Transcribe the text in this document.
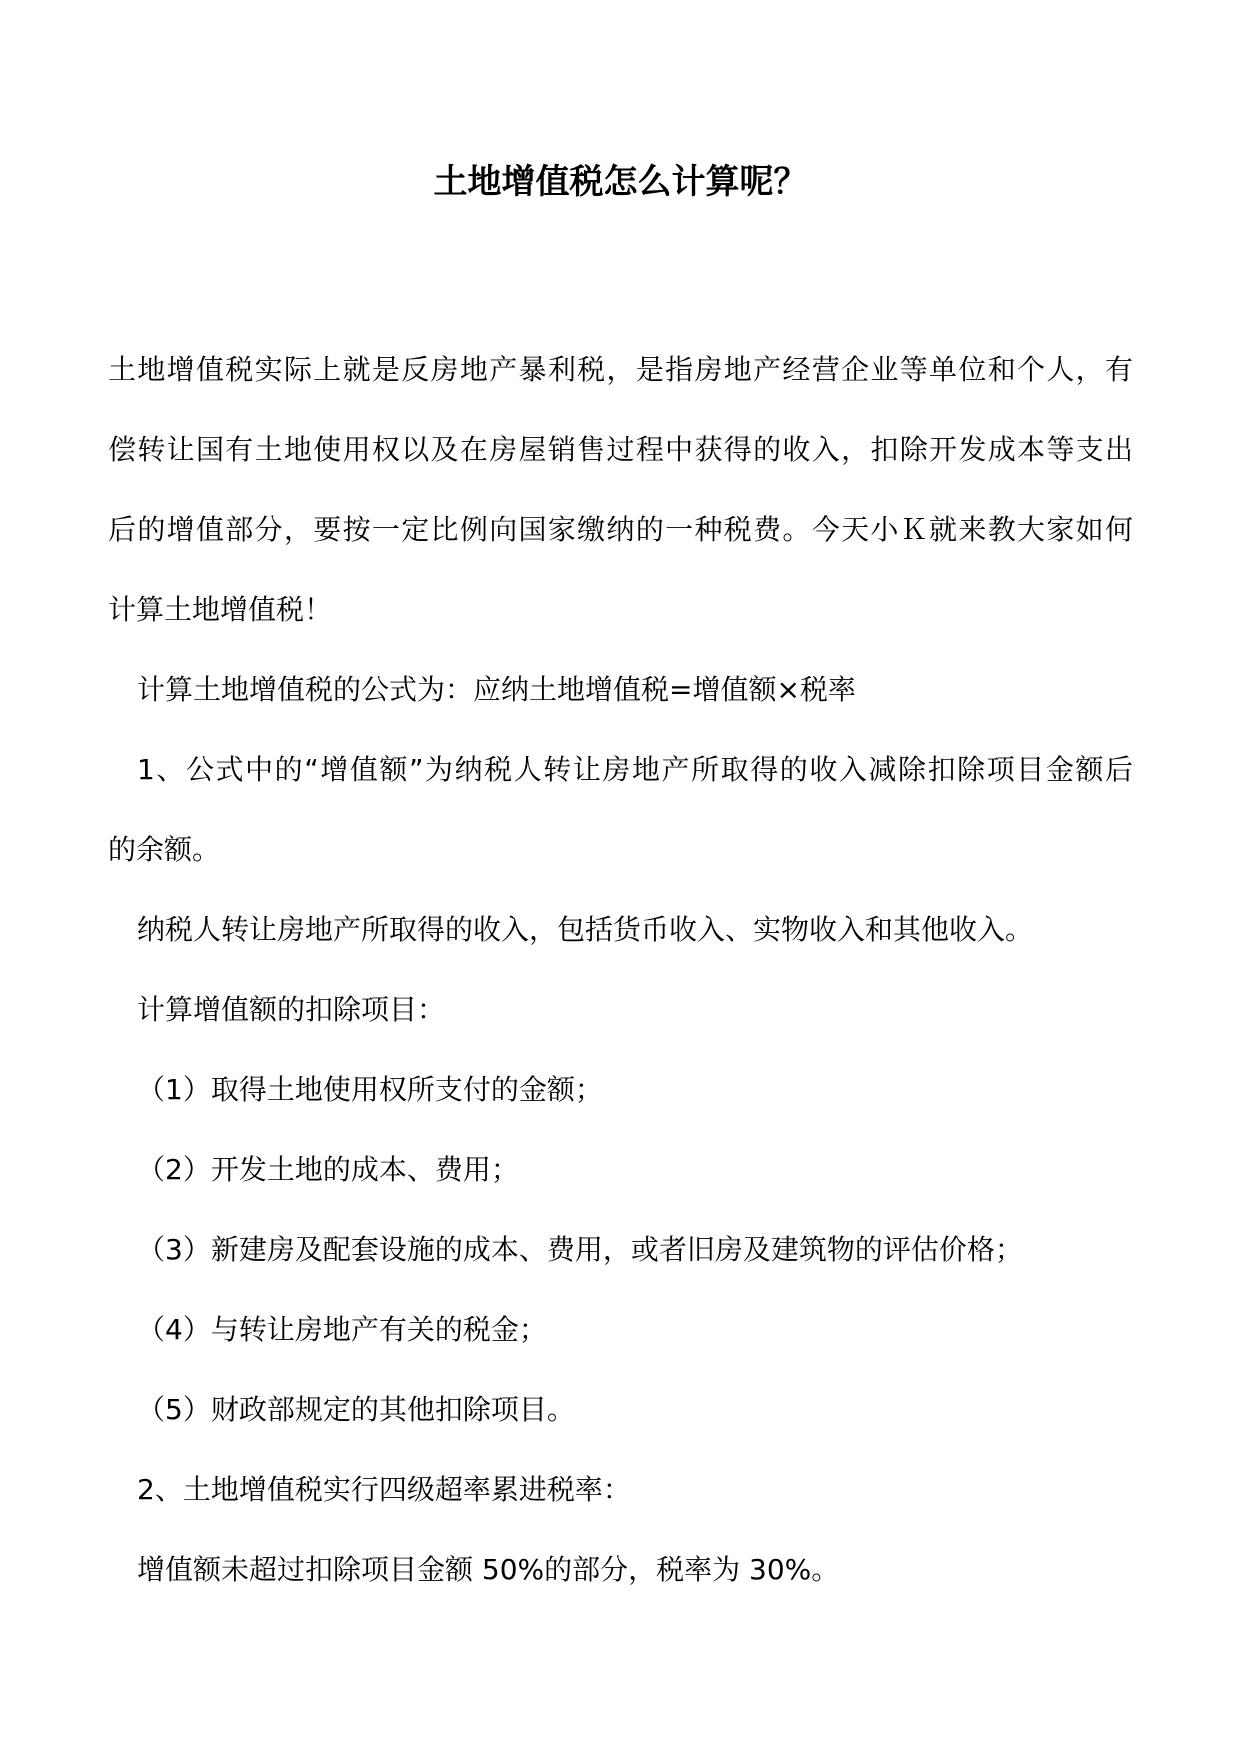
土地增值税怎么计算呢？
土地增值税实际上就是反房地产暴利税，是指房地产经营企业等单位和个人，有
偿转让国有土地使用权以及在房屋销售过程中获得的收入，扣除开发成本等支出
后的增值部分，要按一定比例向国家缴纳的一种税费。今天小Ｋ就来教大家如何
计算土地增值税！
计算土地增值税的公式为：应纳土地增值税=增值额×税率
1、公式中的“增值额”为纳税人转让房地产所取得的收入减除扣除项目金额后
的余额。
纳税人转让房地产所取得的收入，包括货币收入、实物收入和其他收入。
计算增值额的扣除项目：
（1）取得土地使用权所支付的金额；
（2）开发土地的成本、费用；
（3）新建房及配套设施的成本、费用，或者旧房及建筑物的评估价格；
（4）与转让房地产有关的税金；
（5）财政部规定的其他扣除项目。
2、土地增值税实行四级超率累进税率：
增值额未超过扣除项目金额 50%的部分，税率为 30%。
